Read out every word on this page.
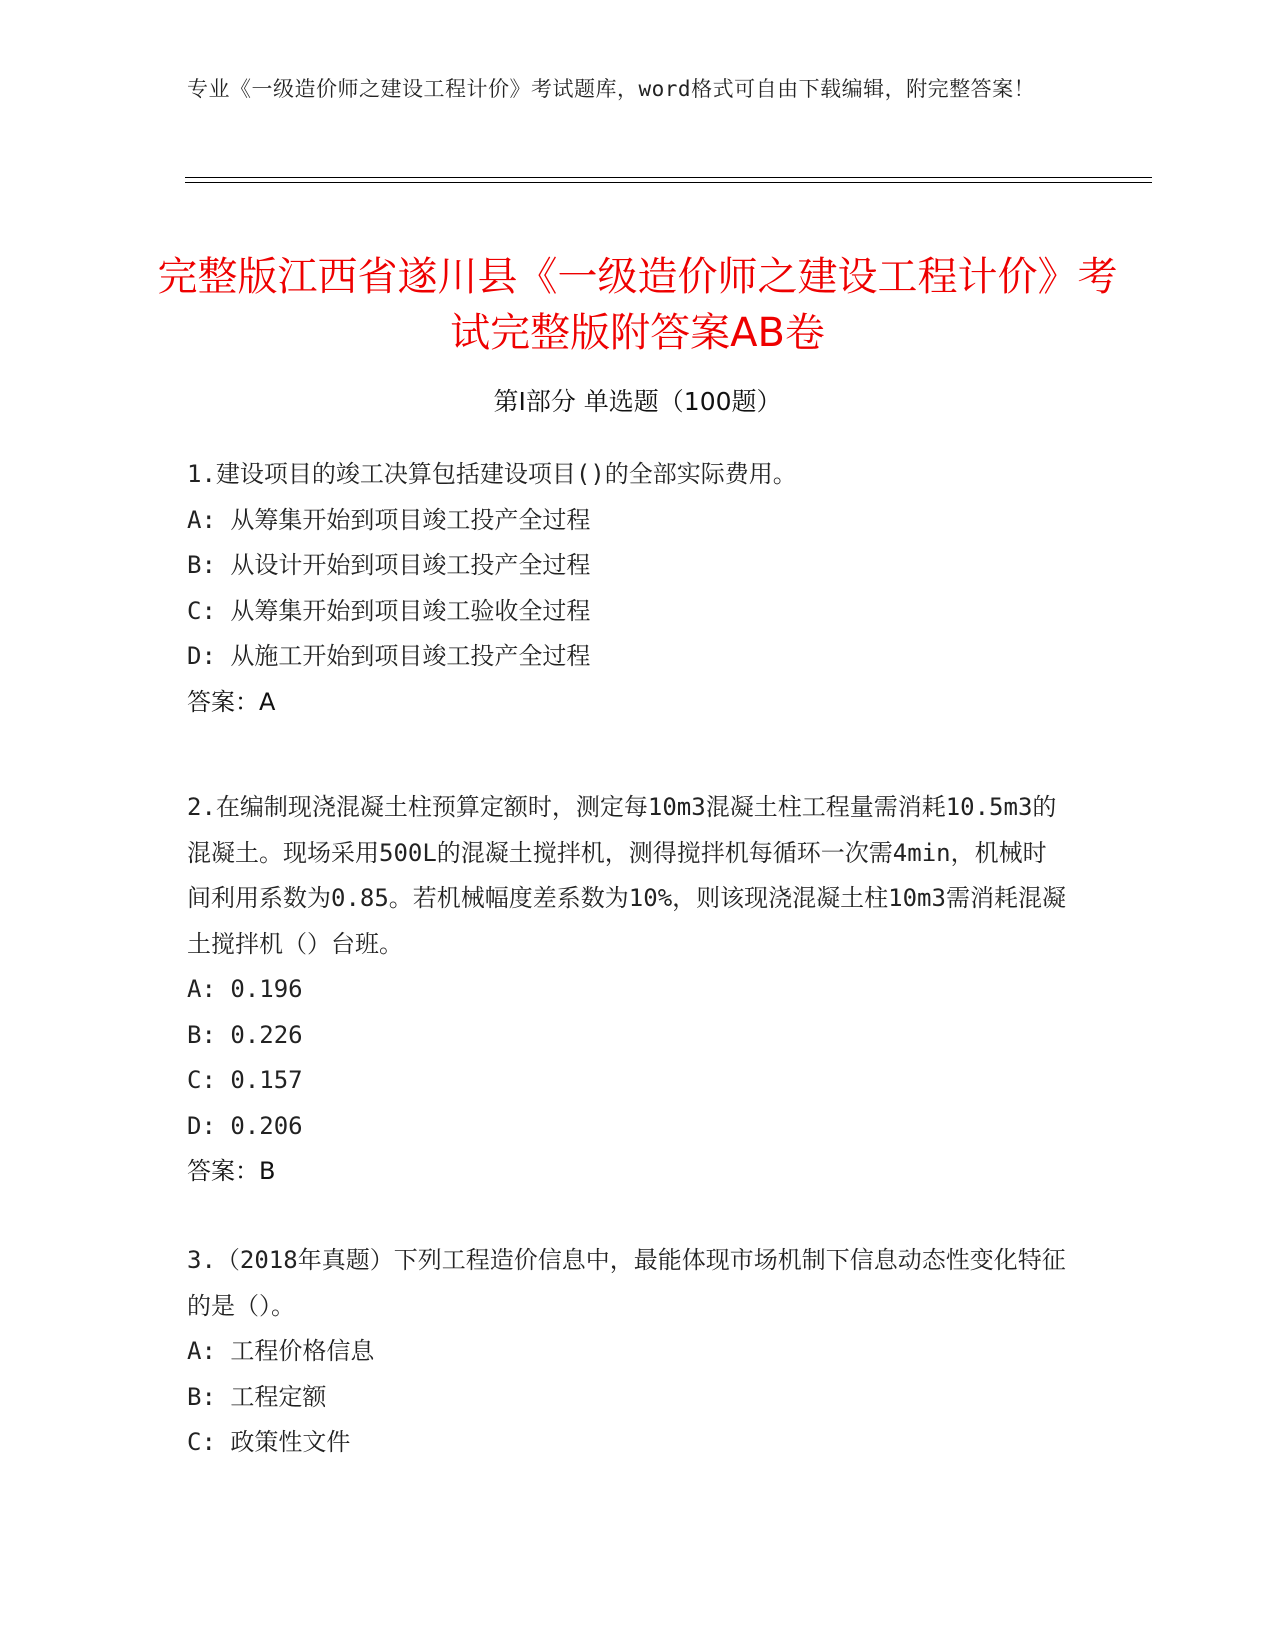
专业《一级造价师之建设工程计价》考试题库，word格式可自由下载编辑，附完整答案！
完整版江西省遂川县《一级造价师之建设工程计价》考试完整版附答案AB卷
第Ⅰ部分 单选题（100题）

1.建设项目的竣工决算包括建设项目()的全部实际费用。

A: 从筹集开始到项目竣工投产全过程

B: 从设计开始到项目竣工投产全过程

C: 从筹集开始到项目竣工验收全过程

D: 从施工开始到项目竣工投产全过程

答案：A

2.在编制现浇混凝土柱预算定额时，测定每10m3混凝土柱工程量需消耗10.5m3的混凝土。现场采用500L的混凝土搅拌机，测得搅拌机每循环一次需4min，机械时间利用系数为0.85。若机械幅度差系数为10%，则该现浇混凝土柱10m3需消耗混凝土搅拌机（）台班。

A: 0.196

B: 0.226

C: 0.157

D: 0.206

答案：B

3.（2018年真题）下列工程造价信息中，最能体现市场机制下信息动态性变化特征的是（）。

A: 工程价格信息

B: 工程定额

C: 政策性文件
